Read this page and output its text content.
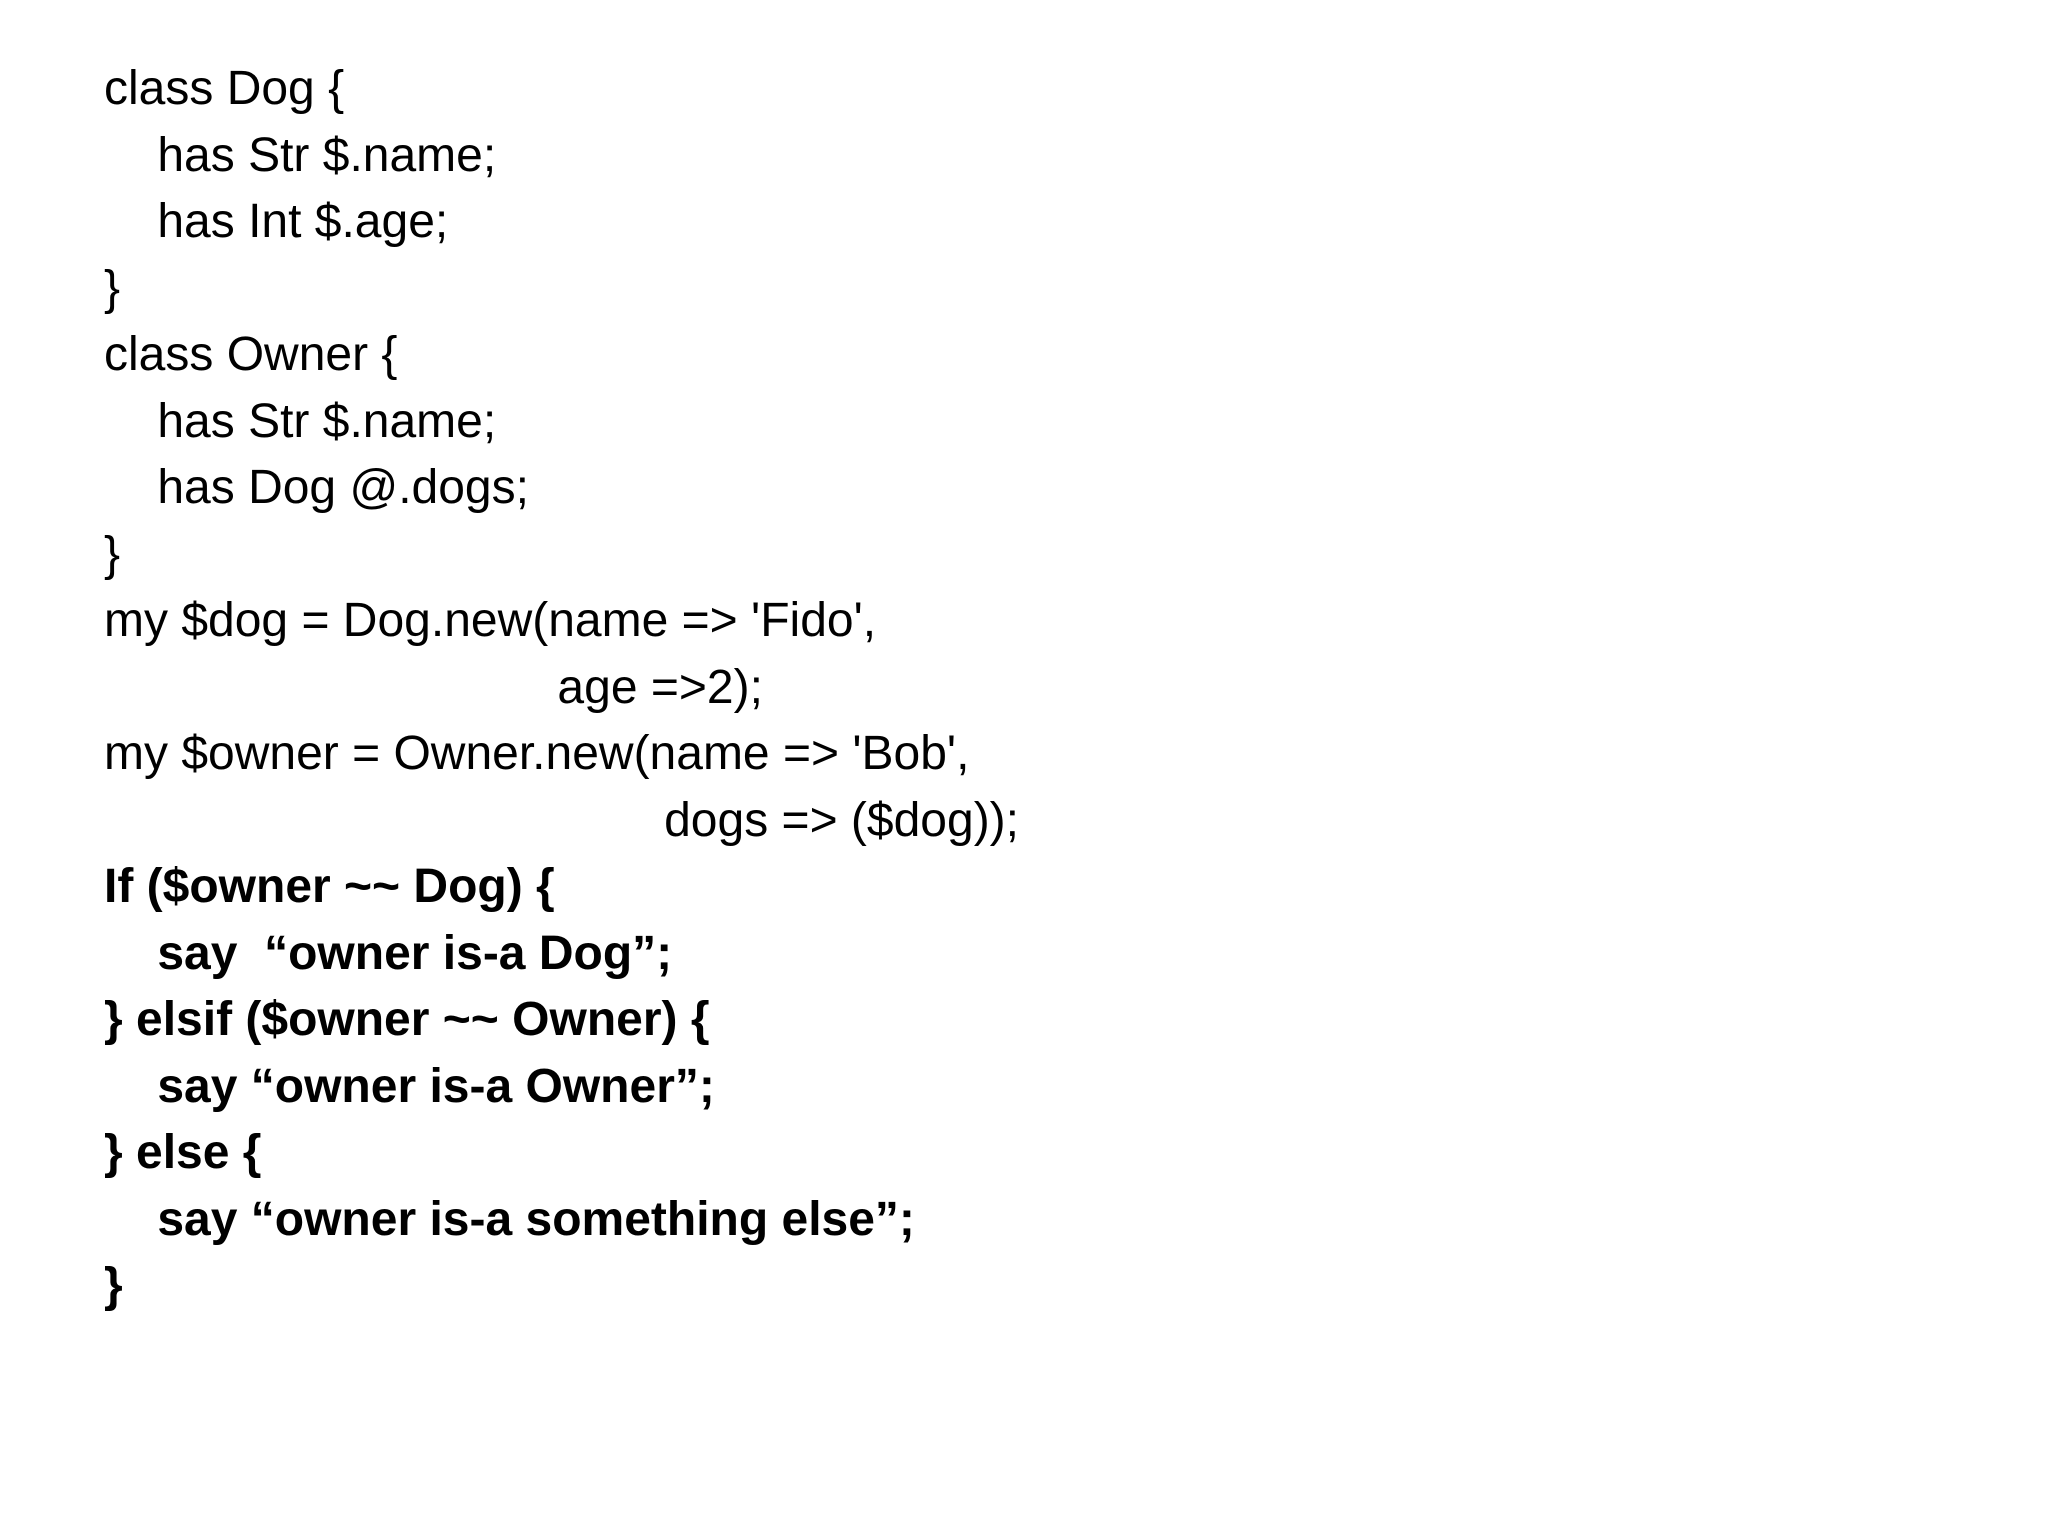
class Dog {
has Str $.name;
has Int $.age;
}
class Owner {
has Str $.name;
has Dog @.dogs;
}
my $dog = Dog.new(name => 'Fido',
age =>2);
my $owner = Owner.new(name => 'Bob',
dogs => ($dog));
If ($owner ~~ Dog) {
say  “owner is-a Dog”;
} elsif ($owner ~~ Owner) {
say “owner is-a Owner”;
} else {
say “owner is-a something else”;
}
